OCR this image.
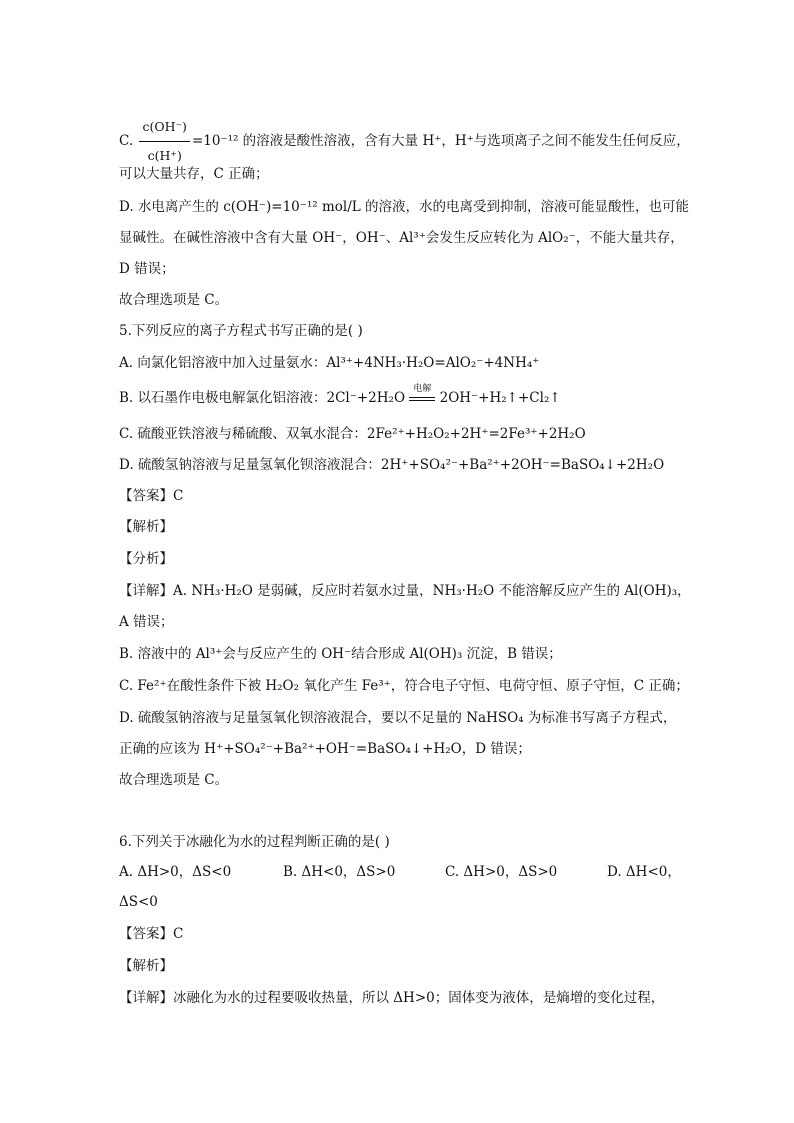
C. $\frac{c(OH^-)}{c(H^+)} =10^{-12}$ 的溶液是酸性溶液，含有大量 H⁺，H⁺与选项离子之间不能发生任何反应，
可以大量共存，C 正确；
D. 水电离产生的 c(OH⁻)=10⁻¹² mol/L 的溶液，水的电离受到抑制，溶液可能显酸性，也可能
显碱性。在碱性溶液中含有大量 OH⁻，OH⁻、Al³⁺会发生反应转化为 AlO₂⁻，不能大量共存，
D 错误；
故合理选项是 C。
5.下列反应的离子方程式书写正确的是( )
A. 向氯化铝溶液中加入过量氨水：Al³⁺+4NH₃·H₂O=AlO₂⁻+4NH₄⁺
B. 以石墨作电极电解氯化铝溶液：2Cl⁻+2H₂O
电解
2OH⁻+H₂↑+Cl₂↑
C. 硫酸亚铁溶液与稀硫酸、双氧水混合：2Fe²⁺+H₂O₂+2H⁺=2Fe³⁺+2H₂O
D. 硫酸氢钠溶液与足量氢氧化钡溶液混合：2H⁺+SO₄²⁻+Ba²⁺+2OH⁻=BaSO₄↓+2H₂O
【答案】C
【解析】
【分析】
【详解】A. NH₃·H₂O 是弱碱，反应时若氨水过量，NH₃·H₂O 不能溶解反应产生的 Al(OH)₃，
A 错误；
B. 溶液中的 Al³⁺会与反应产生的 OH⁻结合形成 Al(OH)₃ 沉淀，B 错误；
C. Fe²⁺在酸性条件下被 H₂O₂ 氧化产生 Fe³⁺，符合电子守恒、电荷守恒、原子守恒，C 正确；
D. 硫酸氢钠溶液与足量氢氧化钡溶液混合，要以不足量的 NaHSO₄ 为标准书写离子方程式，
正确的应该为 H⁺+SO₄²⁻+Ba²⁺+OH⁻=BaSO₄↓+H₂O，D 错误；
故合理选项是 C。
6.下列关于冰融化为水的过程判断正确的是( )
A. ΔH>0，ΔS<0	B. ΔH<0，ΔS>0	C. ΔH>0，ΔS>0	D. ΔH<0，
ΔS<0
【答案】C
【解析】
【详解】冰融化为水的过程要吸收热量，所以 ΔH>0；固体变为液体，是熵增的变化过程，
